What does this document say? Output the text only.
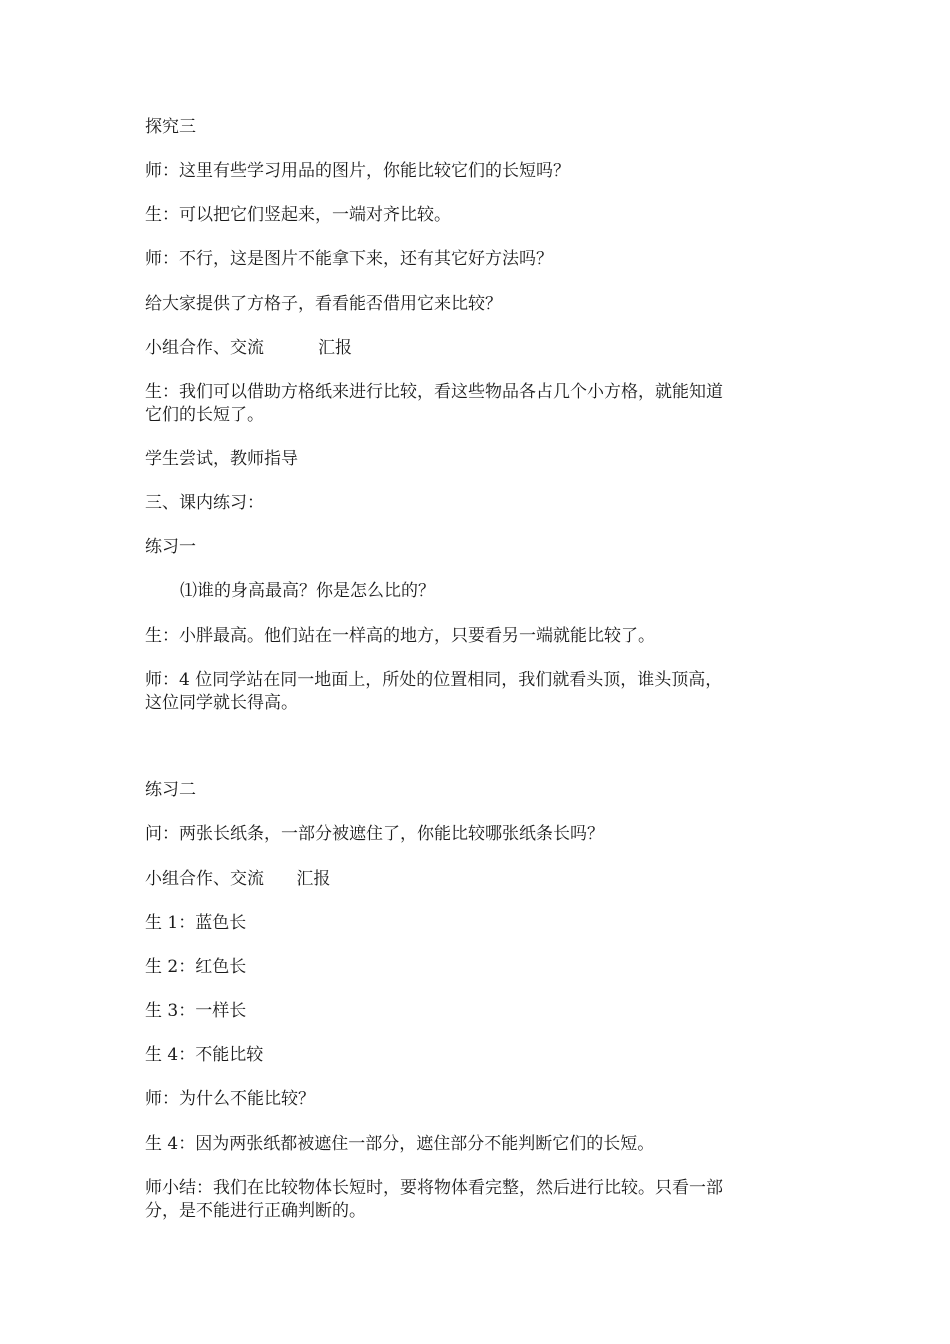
探究三

师：这里有些学习用品的图片，你能比较它们的长短吗？

生：可以把它们竖起来，一端对齐比较。

师：不行，这是图片不能拿下来，还有其它好方法吗？

给大家提供了方格子，看看能否借用它来比较？

小组合作、交流          汇报

生：我们可以借助方格纸来进行比较，看这些物品各占几个小方格，就能知道

它们的长短了。

学生尝试，教师指导

三、课内练习：

练习一

⑴谁的身高最高？你是怎么比的？

生：小胖最高。他们站在一样高的地方，只要看另一端就能比较了。

师：4 位同学站在同一地面上，所处的位置相同，我们就看头顶，谁头顶高，

这位同学就长得高。

练习二

问：两张长纸条，一部分被遮住了，你能比较哪张纸条长吗？

小组合作、交流      汇报

生 1：蓝色长

生 2：红色长

生 3：一样长

生 4：不能比较

师：为什么不能比较？

生 4：因为两张纸都被遮住一部分，遮住部分不能判断它们的长短。

师小结：我们在比较物体长短时，要将物体看完整，然后进行比较。只看一部

分，是不能进行正确判断的。
